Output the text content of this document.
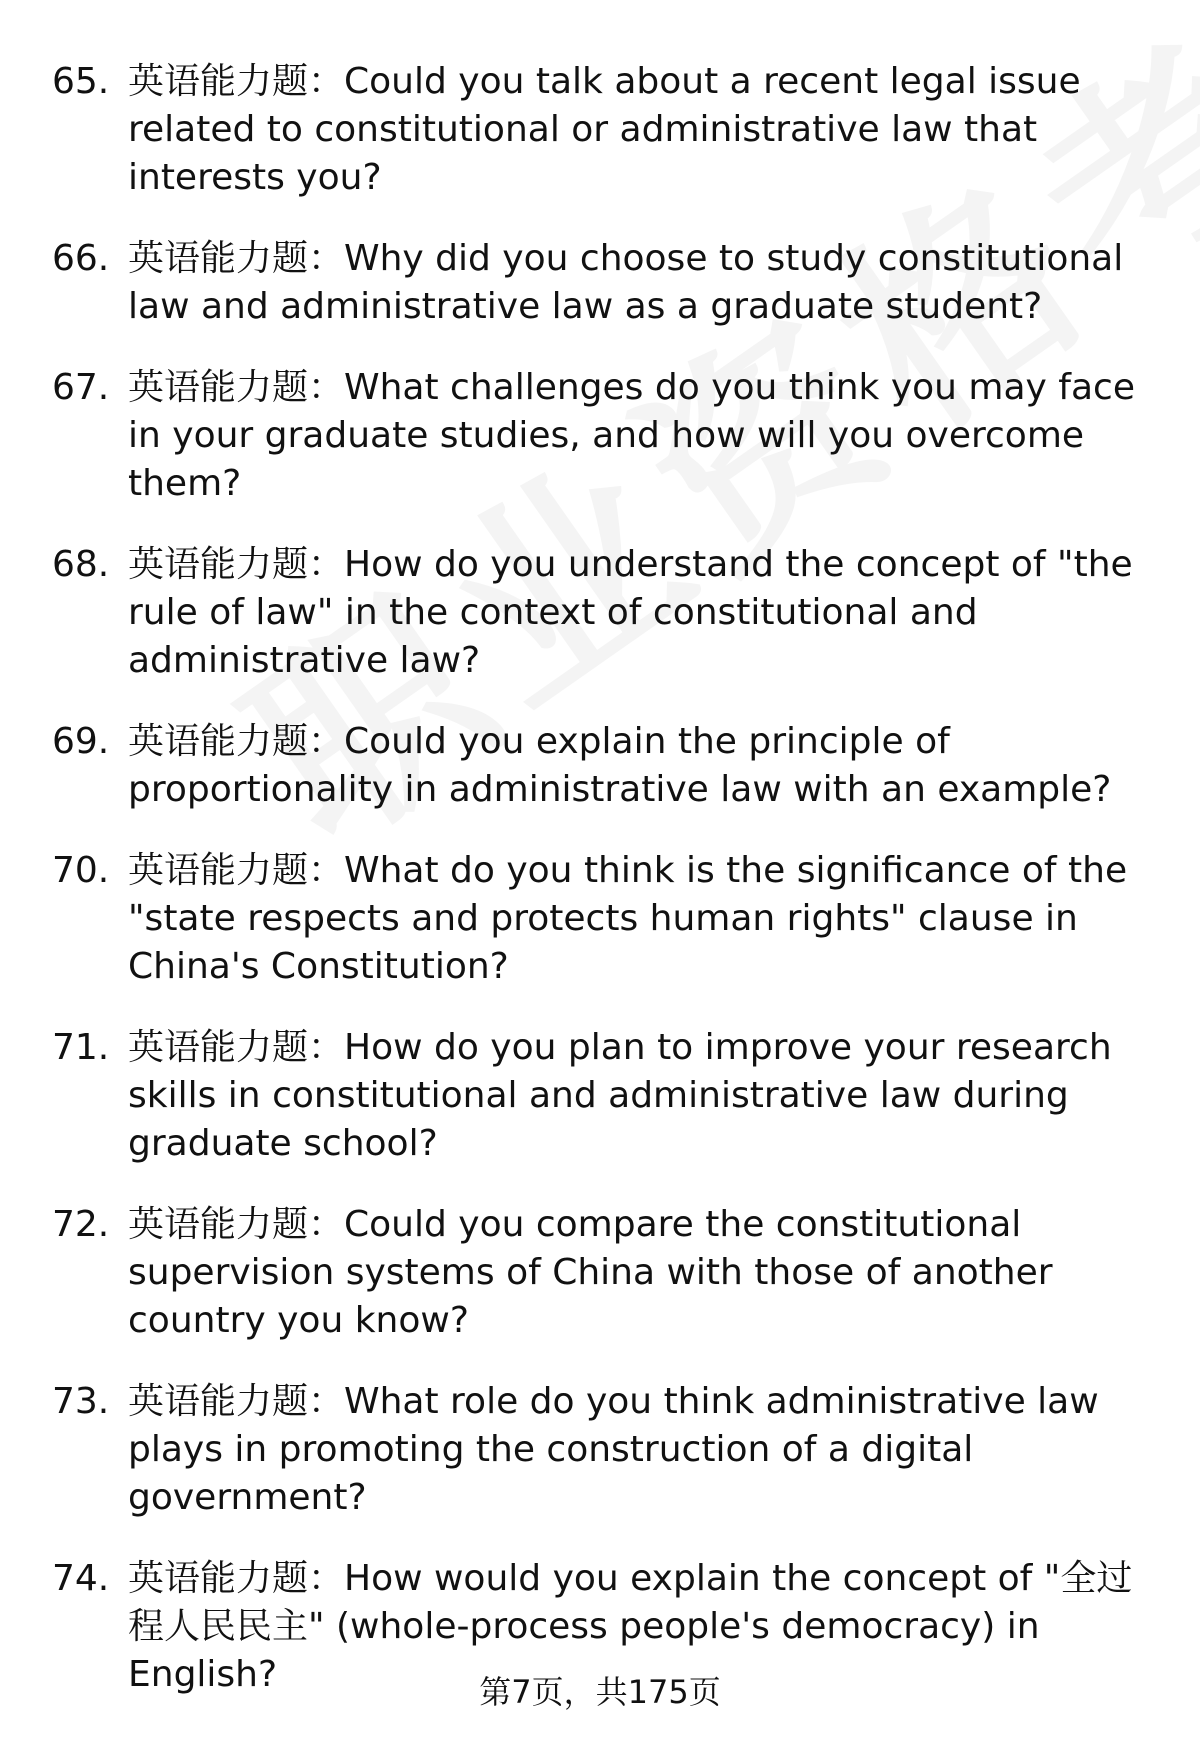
65. 英语能力题：Could you talk about a recent legal issue related to constitutional or administrative law that interests you?
66. 英语能力题：Why did you choose to study constitutional law and administrative law as a graduate student?
67. 英语能力题：What challenges do you think you may face in your graduate studies, and how will you overcome them?
68. 英语能力题：How do you understand the concept of "the rule of law" in the context of constitutional and administrative law?
69. 英语能力题：Could you explain the principle of proportionality in administrative law with an example?
70. 英语能力题：What do you think is the significance of the "state respects and protects human rights" clause in China's Constitution?
71. 英语能力题：How do you plan to improve your research skills in constitutional and administrative law during graduate school?
72. 英语能力题：Could you compare the constitutional supervision systems of China with those of another country you know?
73. 英语能力题：What role do you think administrative law plays in promoting the construction of a digital government?
74. 英语能力题：How would you explain the concept of "全过程人民民主" (whole-process people's democracy) in English?	第7页，共175页
